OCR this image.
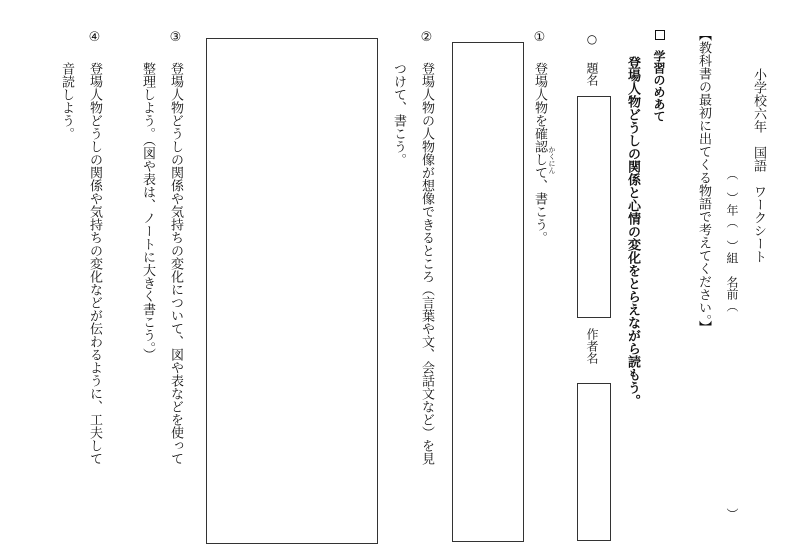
小学校六年　国語　ワークシート
（　）年（　）組　名前（
）
【教科書の最初に出てくる物語で考えてください。】
学習のめあて
登場人物どうしの関係と心情の変化をとらえながら読もう。
○
題名
作者名
①
かくにん
登場人物を確認して、書こう。
②
登場人物の人物像が想像できるところ（言葉や文、会話文など）を見
つけて、書こう。
③
登場人物どうしの関係や気持ちの変化について、図や表などを使って
整理しよう。（図や表は、ノートに大きく書こう。）
④
登場人物どうしの関係や気持ちの変化などが伝わるように、工夫して
音読しよう。
